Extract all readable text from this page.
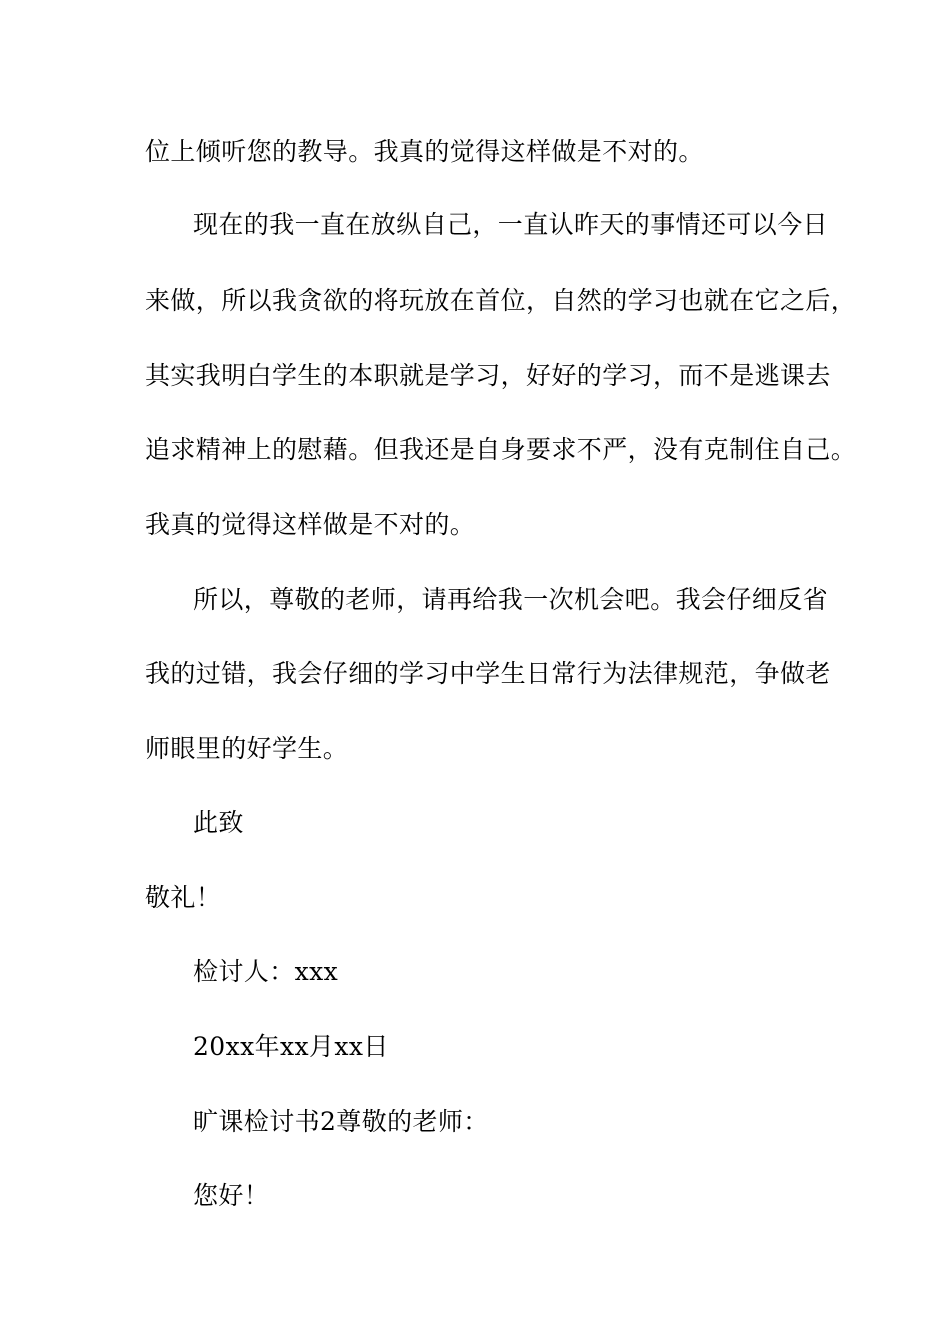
位上倾听您的教导。我真的觉得这样做是不对的。
现在的我一直在放纵自己，一直认昨天的事情还可以今日
来做，所以我贪欲的将玩放在首位，自然的学习也就在它之后，
其实我明白学生的本职就是学习，好好的学习，而不是逃课去
追求精神上的慰藉。但我还是自身要求不严，没有克制住自己。
我真的觉得这样做是不对的。
所以，尊敬的老师，请再给我一次机会吧。我会仔细反省
我的过错，我会仔细的学习中学生日常行为法律规范，争做老
师眼里的好学生。
此致
敬礼！
检讨人：xxx
20xx年xx月xx日
旷课检讨书2尊敬的老师：
您好！
